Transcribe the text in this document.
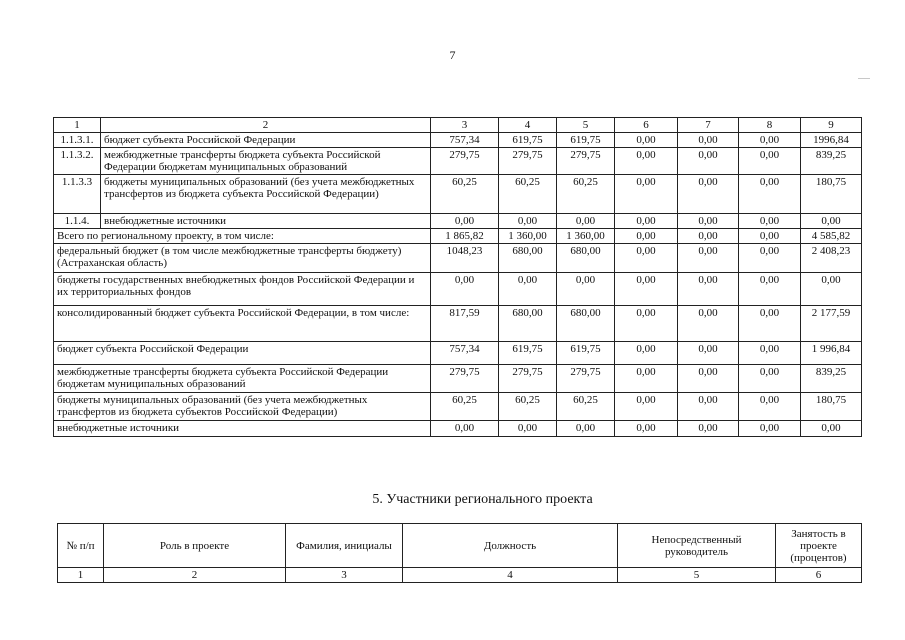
7
1	2	3	4	5	6	7	8	9
1.1.3.1.	бюджет субъекта Российской Федерации	757,34	619,75	619,75	0,00	0,00	0,00	1996,84
1.1.3.2.	межбюджетные трансферты бюджета субъекта Российской Федерации бюджетам муниципальных образований	279,75	279,75	279,75	0,00	0,00	0,00	839,25
1.1.3.3	бюджеты муниципальных образований (без учета межбюджетных трансфертов из бюджета субъекта Российской Федерации)	60,25	60,25	60,25	0,00	0,00	0,00	180,75
1.1.4.	внебюджетные источники	0,00	0,00	0,00	0,00	0,00	0,00	0,00
Всего по региональному проекту, в том числе:		1 865,82	1 360,00	1 360,00	0,00	0,00	0,00	4 585,82
федеральный бюджет (в том числе межбюджетные трансферты бюджету) (Астраханская область)		1048,23	680,00	680,00	0,00	0,00	0,00	2 408,23
бюджеты государственных внебюджетных фондов Российской Федерации и их территориальных фондов		0,00	0,00	0,00	0,00	0,00	0,00	0,00
консолидированный бюджет субъекта Российской Федерации, в том числе:		817,59	680,00	680,00	0,00	0,00	0,00	2 177,59
бюджет субъекта Российской Федерации		757,34	619,75	619,75	0,00	0,00	0,00	1 996,84
межбюджетные трансферты бюджета субъекта Российской Федерации бюджетам муниципальных образований		279,75	279,75	279,75	0,00	0,00	0,00	839,25
бюджеты муниципальных образований (без учета межбюджетных трансфертов из бюджета субъектов Российской Федерации)		60,25	60,25	60,25	0,00	0,00	0,00	180,75
внебюджетные источники		0,00	0,00	0,00	0,00	0,00	0,00	0,00
5. Участники регионального проекта
№ п/п	Роль в проекте	Фамилия, инициалы	Должность	Непосредственный руководитель	Занятость в проекте (процентов)
1	2	3	4	5	6
